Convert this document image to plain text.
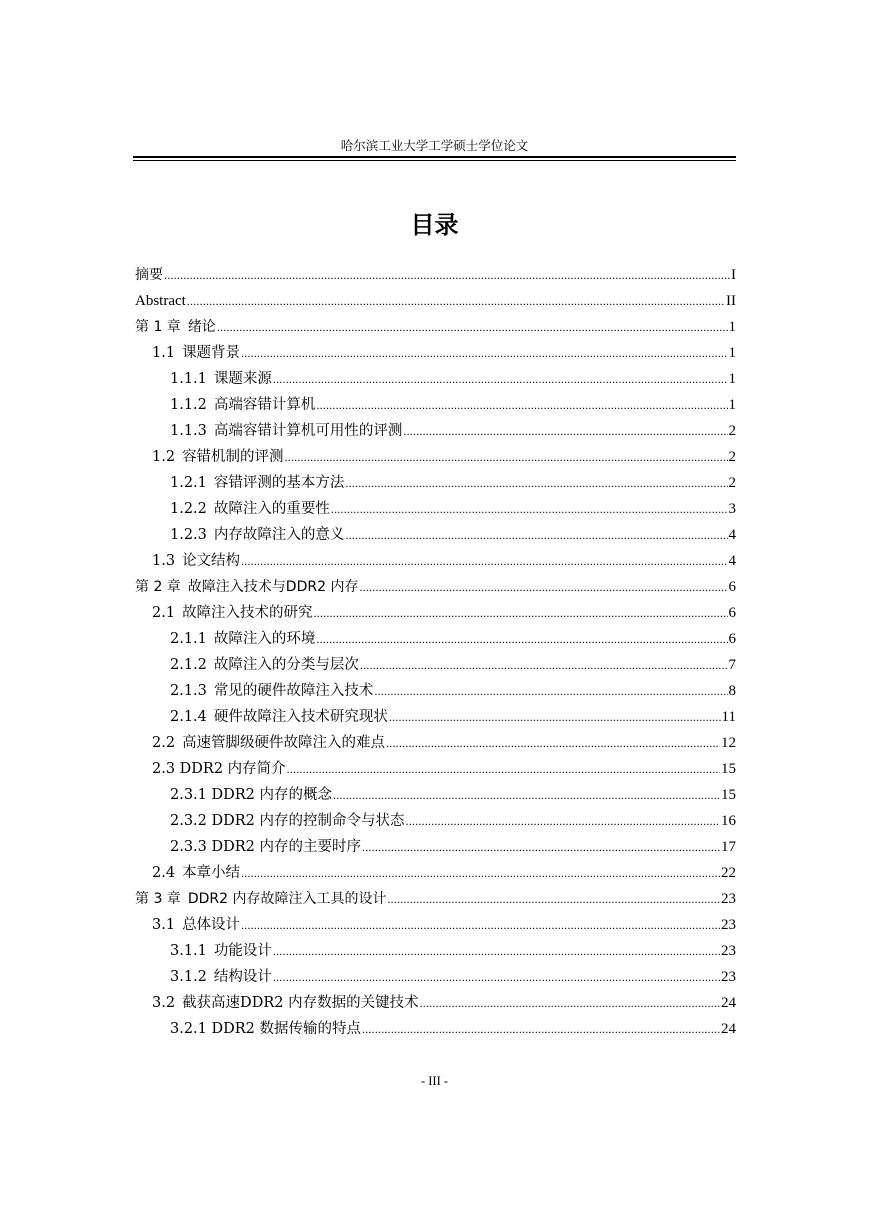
哈尔滨工业大学工学硕士学位论文
目录
摘要 .....	I
Abstract .....	II
第 1 章 绪论 .....	1
1.1 课题背景 .....	1
1.1.1 课题来源 .....	1
1.1.2 高端容错计算机 .....	1
1.1.3 高端容错计算机可用性的评测 .....	2
1.2 容错机制的评测 .....	2
1.2.1 容错评测的基本方法 .....	2
1.2.2 故障注入的重要性 .....	3
1.2.3 内存故障注入的意义 .....	4
1.3 论文结构 .....	4
第 2 章 故障注入技术与DDR2 内存 .....	6
2.1 故障注入技术的研究 .....	6
2.1.1 故障注入的环境 .....	6
2.1.2 故障注入的分类与层次 .....	7
2.1.3 常见的硬件故障注入技术 .....	8
2.1.4 硬件故障注入技术研究现状 .....	11
2.2 高速管脚级硬件故障注入的难点 .....	12
2.3 DDR2 内存简介 .....	15
2.3.1 DDR2 内存的概念 .....	15
2.3.2 DDR2 内存的控制命令与状态 .....	16
2.3.3 DDR2 内存的主要时序 .....	17
2.4 本章小结 .....	22
第 3 章 DDR2 内存故障注入工具的设计 .....	23
3.1 总体设计 .....	23
3.1.1 功能设计 .....	23
3.1.2 结构设计 .....	23
3.2 截获高速DDR2 内存数据的关键技术 .....	24
3.2.1 DDR2 数据传输的特点 .....	24
- III -
